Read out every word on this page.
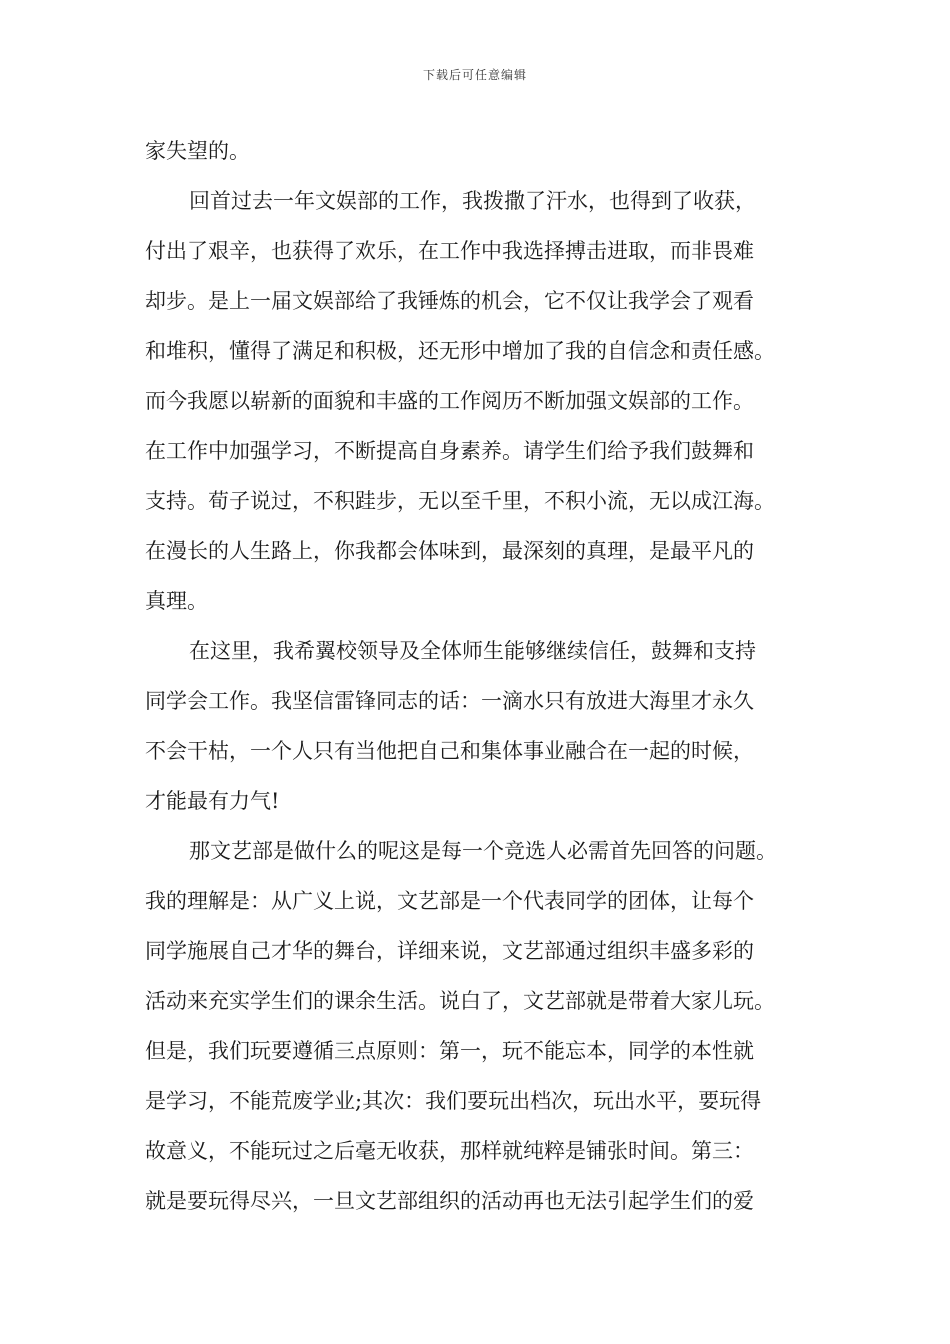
下载后可任意编辑
家失望的。
回首过去一年文娱部的工作，我拨撒了汗水，也得到了收获，
付出了艰辛，也获得了欢乐，在工作中我选择搏击进取，而非畏难
却步。是上一届文娱部给了我锤炼的机会，它不仅让我学会了观看
和堆积，懂得了满足和积极，还无形中增加了我的自信念和责任感。
而今我愿以崭新的面貌和丰盛的工作阅历不断加强文娱部的工作。
在工作中加强学习，不断提高自身素养。请学生们给予我们鼓舞和
支持。荀子说过，不积跬步，无以至千里，不积小流，无以成江海。
在漫长的人生路上，你我都会体味到，最深刻的真理，是最平凡的
真理。
在这里，我希翼校领导及全体师生能够继续信任，鼓舞和支持
同学会工作。我坚信雷锋同志的话：一滴水只有放进大海里才永久
不会干枯，一个人只有当他把自己和集体事业融合在一起的时候，
才能最有力气!
那文艺部是做什么的呢这是每一个竞选人必需首先回答的问题。
我的理解是：从广义上说，文艺部是一个代表同学的团体，让每个
同学施展自己才华的舞台，详细来说，文艺部通过组织丰盛多彩的
活动来充实学生们的课余生活。说白了，文艺部就是带着大家儿玩。
但是，我们玩要遵循三点原则：第一，玩不能忘本，同学的本性就
是学习，不能荒废学业;其次：我们要玩出档次，玩出水平，要玩得
故意义，不能玩过之后毫无收获，那样就纯粹是铺张时间。第三：
就是要玩得尽兴，一旦文艺部组织的活动再也无法引起学生们的爱
